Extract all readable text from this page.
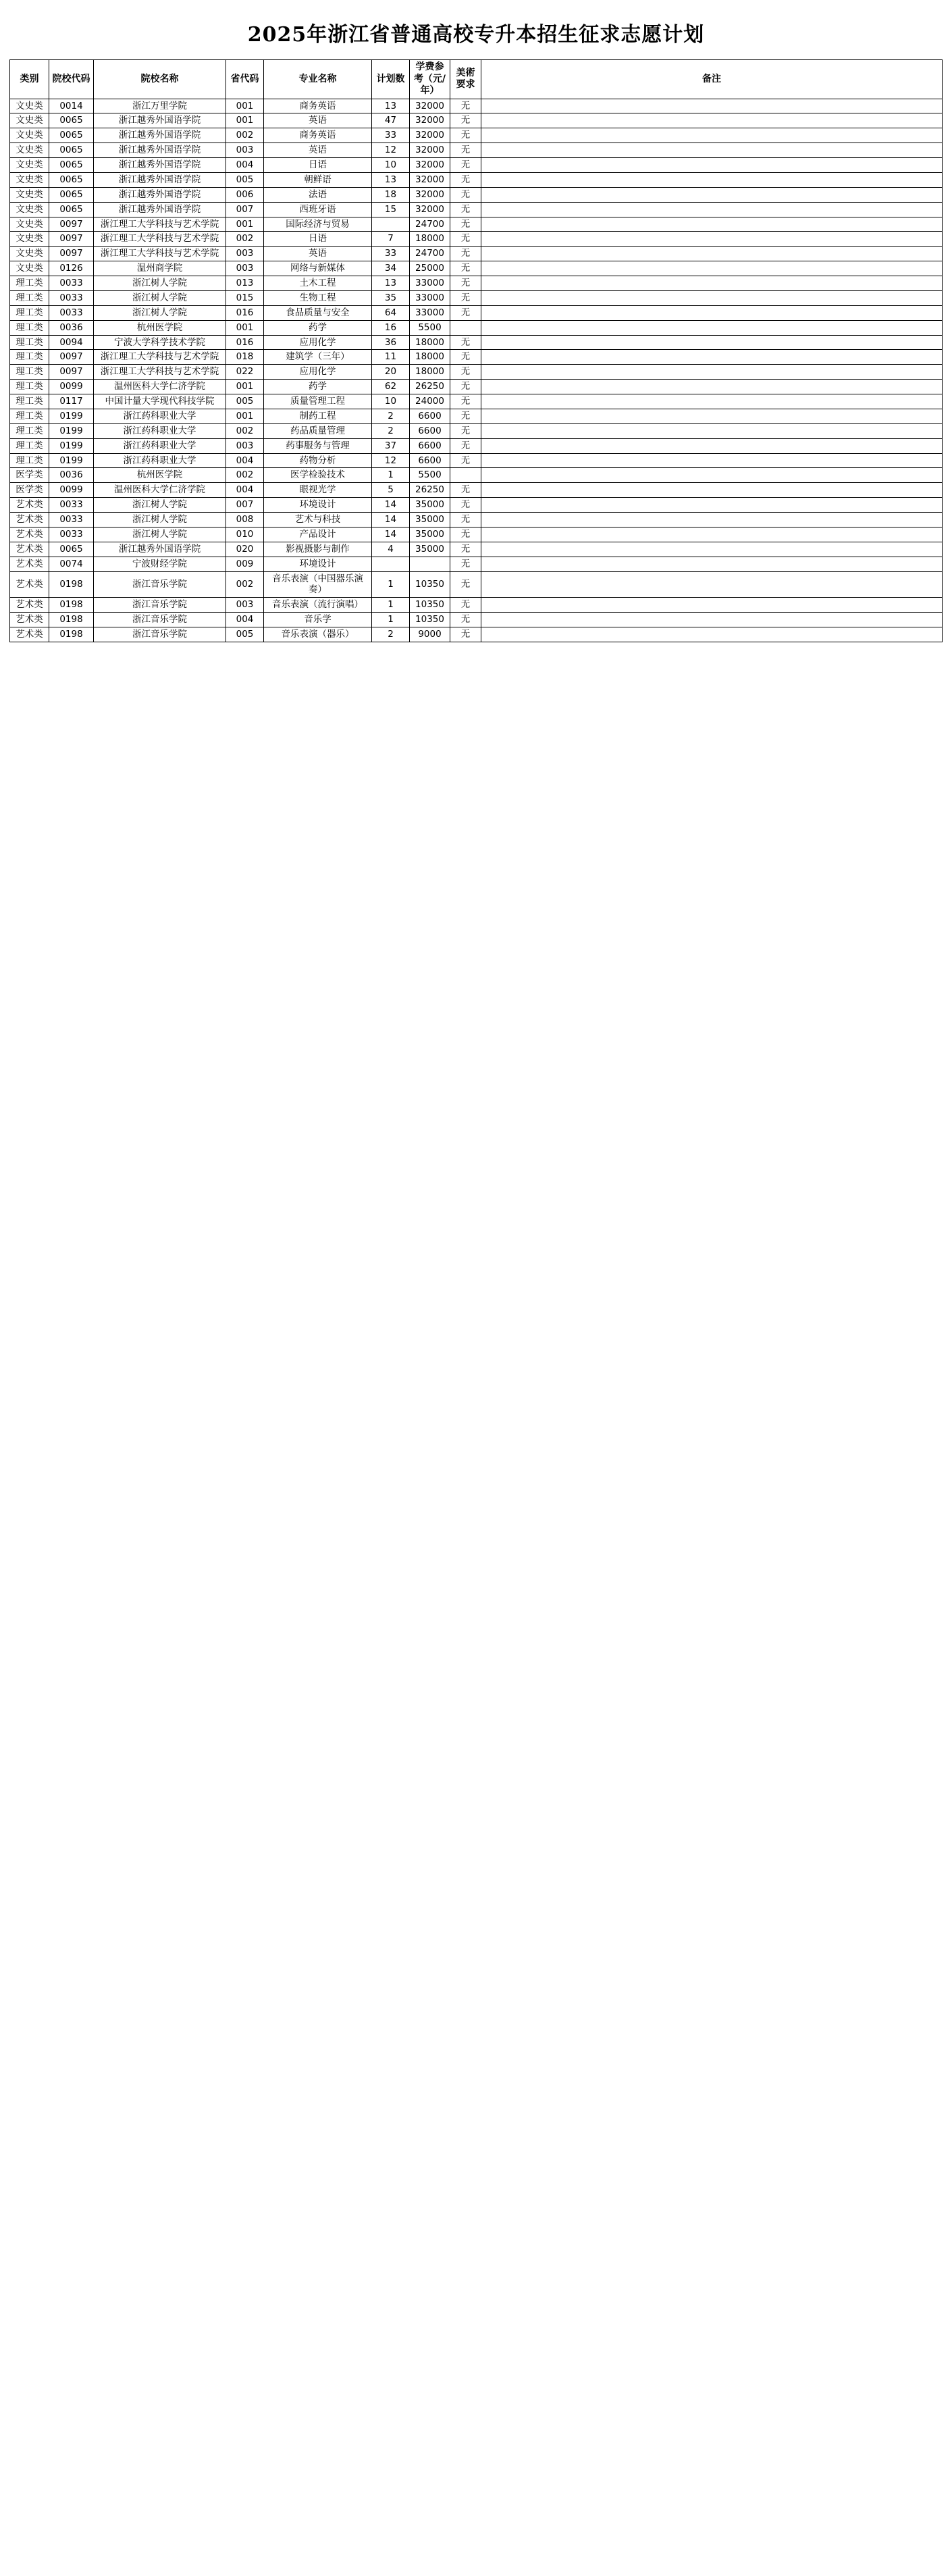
2025年浙江省普通高校专升本招生征求志愿计划
类别	院校代码	院校名称	省代码	专业名称	计划数	学费参考（元/年）	美術要求	备注
文史类	0014	浙江万里学院	001	商务英语	13	32000	无	
文史类	0065	浙江越秀外国语学院	001	英语	47	32000	无	
文史类	0065	浙江越秀外国语学院	002	商务英语	33	32000	无	
文史类	0065	浙江越秀外国语学院	003	英语	12	32000	无	
文史类	0065	浙江越秀外国语学院	004	日语	10	32000	无	
文史类	0065	浙江越秀外国语学院	005	朝鲜语	13	32000	无	
文史类	0065	浙江越秀外国语学院	006	法语	18	32000	无	
文史类	0065	浙江越秀外国语学院	007	西班牙语	15	32000	无	
文史类	0097	浙江理工大学科技与艺术学院	001	国际经济与贸易		24700	无	
文史类	0097	浙江理工大学科技与艺术学院	002	日语	7	18000	无	
文史类	0097	浙江理工大学科技与艺术学院	003	英语	33	24700	无	
文史类	0126	温州商学院	003	网络与新媒体	34	25000	无	
理工类	0033	浙江树人学院	013	土木工程	13	33000	无	
理工类	0033	浙江树人学院	015	生物工程	35	33000	无	
理工类	0033	浙江树人学院	016	食品质量与安全	64	33000	无	
理工类	0036	杭州医学院	001	药学	16	5500		
理工类	0094	宁波大学科学技术学院	016	应用化学	36	18000	无	
理工类	0097	浙江理工大学科技与艺术学院	018	建筑学（三年）	11	18000	无	
理工类	0097	浙江理工大学科技与艺术学院	022	应用化学	20	18000	无	
理工类	0099	温州医科大学仁济学院	001	药学	62	26250	无	
理工类	0117	中国计量大学现代科技学院	005	质量管理工程	10	24000	无	
理工类	0199	浙江药科职业大学	001	制药工程	2	6600	无	
理工类	0199	浙江药科职业大学	002	药品质量管理	2	6600	无	
理工类	0199	浙江药科职业大学	003	药事服务与管理	37	6600	无	
理工类	0199	浙江药科职业大学	004	药物分析	12	6600	无	
医学类	0036	杭州医学院	002	医学检验技术	1	5500		
医学类	0099	温州医科大学仁济学院	004	眼视光学	5	26250	无	
艺术类	0033	浙江树人学院	007	环境设计	14	35000	无	
艺术类	0033	浙江树人学院	008	艺术与科技	14	35000	无	
艺术类	0033	浙江树人学院	010	产品设计	14	35000	无	
艺术类	0065	浙江越秀外国语学院	020	影视摄影与制作	4	35000	无	
艺术类	0074	宁波财经学院	009	环境设计			无	
艺术类	0198	浙江音乐学院	002	音乐表演（中国器乐演奏）	1	10350	无	
艺术类	0198	浙江音乐学院	003	音乐表演（流行演唱）	1	10350	无	
艺术类	0198	浙江音乐学院	004	音乐学	1	10350	无	
艺术类	0198	浙江音乐学院	005	音乐表演（器乐）	2	9000	无	
